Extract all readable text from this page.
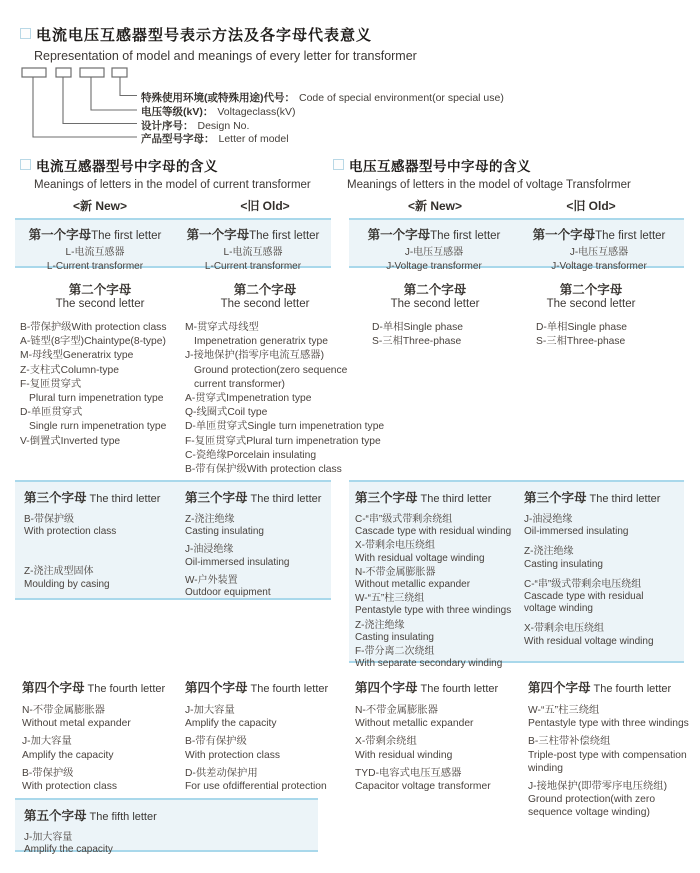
电流电压互感器型号表示方法及各字母代表意义
Representation of model and meanings of every letter for transformer
特殊使用环境(或特殊用途)代号： Code of special environment(or special use)
电压等级(kV)： Voltageclass(kV)
设计序号： Design No.
产品型号字母： Letter of model
电流互感器型号中字母的含义
Meanings of letters in the model of current transformer
电压互感器型号中字母的含义
Meanings of letters in the model of voltage Transfolrmer
<新 New>	<旧 Old>	<新 New>	<旧 Old>
第一个字母The first letter
L-电流互感器
L-Current transformer
第一个字母The first letter
L-电流互感器
L-Current transformer
第一个字母The first letter
J-电压互感器
J-Voltage transformer
第一个字母The first letter
J-电压互感器
J-Voltage transformer
第二个字母
The second letter
B-带保护级With protection class
A-链型(8字型)Chaintype(8-type)
M-母线型Generatrix type
Z-支柱式Column-type
F-复匝贯穿式
Plural turn impenetration type
D-单匝贯穿式
Single rurn impenetration type
V-倒置式Inverted type
第二个字母
The second letter
M-贯穿式母线型
Impenetration generatrix type
J-接地保护(指零序电流互感器)
Ground protection(zero sequence
current transformer)
A-贯穿式Impenetration type
Q-线圈式Coil type
D-单匝贯穿式Single turn impenetration type
F-复匝贯穿式Plural turn impenetration type
C-瓷绝缘Porcelain insulating
B-带有保护级With protection class
第二个字母
The second letter
D-单相Single phase
S-三相Three-phase
第二个字母
The second letter
D-单相Single phase
S-三相Three-phase
第三个字母 The third letter
B-带保护级
With protection class
Z-浇注成型固体
Moulding by casing
第三个字母 The third letter
Z-浇注绝缘
Casting insulating
J-油浸绝缘
Oil-immersed insulating
W-户外装置
Outdoor equipment
第三个字母 The third letter
C-“串”级式带剩余绕组
Cascade type with residual winding
X-带剩余电压绕组
With residual voltage winding
N-不带金属膨胀器
Without metallic expander
W-“五”柱三绕组
Pentastyle type with three windings
Z-浇注绝缘
Casting insulating
F-带分离二次绕组
With separate secondary winding
第三个字母 The third letter
J-油浸绝缘
Oil-immersed insulating
Z-浇注绝缘
Casting insulating
C-“串”级式带剩余电压绕组
Cascade type with residual
voltage winding
X-带剩余电压绕组
With residual voltage winding
第四个字母 The fourth letter
N-不带金属膨胀器
Without metal expander
J-加大容量
Amplify the capacity
B-带保护级
With protection class
第四个字母 The fourth letter
J-加大容量
Amplify the capacity
B-带有保护级
With protection class
D-供差动保护用
For use ofdifferential protection
第四个字母 The fourth letter
N-不带金属膨胀器
Without metallic expander
X-带剩余绕组
With residual winding
TYD-电容式电压互感器
Capacitor voltage transformer
第四个字母 The fourth letter
W-“五”柱三绕组
Pentastyle type with three windings
B-三柱带补偿绕组
Triple-post type with compensation
winding
J-接地保护(即带零序电压绕组)
Ground protection(with zero
sequence voltage winding)
第五个字母 The fifth letter
J-加大容量
Amplify the capacity
